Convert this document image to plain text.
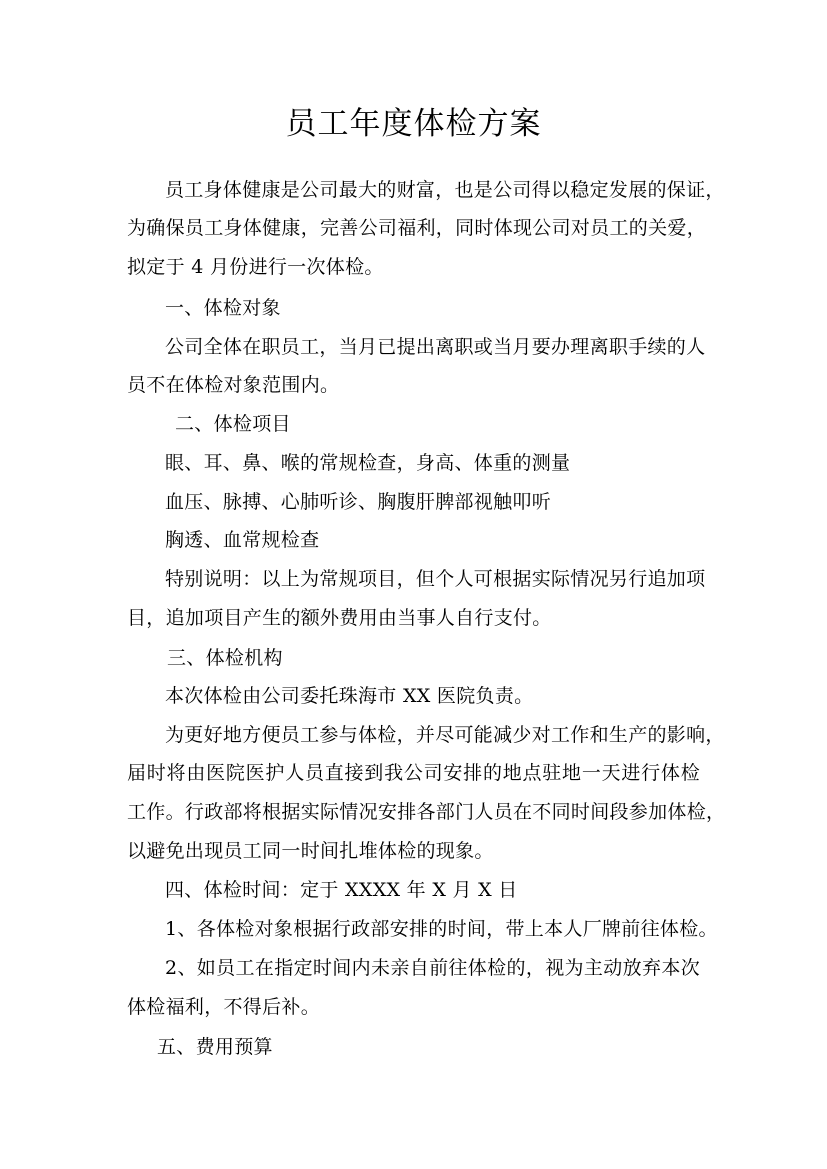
员工年度体检方案
员工身体健康是公司最大的财富，也是公司得以稳定发展的保证，
为确保员工身体健康，完善公司福利，同时体现公司对员工的关爱，
拟定于 4 月份进行一次体检。
一、体检对象
公司全体在职员工，当月已提出离职或当月要办理离职手续的人
员不在体检对象范围内。
二、体检项目
眼、耳、鼻、喉的常规检查，身高、体重的测量
血压、脉搏、心肺听诊、胸腹肝脾部视触叩听
胸透、血常规检查
特别说明：以上为常规项目，但个人可根据实际情况另行追加项
目，追加项目产生的额外费用由当事人自行支付。
三、体检机构
本次体检由公司委托珠海市 XX 医院负责。
为更好地方便员工参与体检，并尽可能减少对工作和生产的影响，
届时将由医院医护人员直接到我公司安排的地点驻地一天进行体检
工作。行政部将根据实际情况安排各部门人员在不同时间段参加体检，
以避免出现员工同一时间扎堆体检的现象。
四、体检时间：定于 XXXX 年 X 月 X 日
1、各体检对象根据行政部安排的时间，带上本人厂牌前往体检。
2、如员工在指定时间内未亲自前往体检的，视为主动放弃本次
体检福利，不得后补。
五、费用预算
